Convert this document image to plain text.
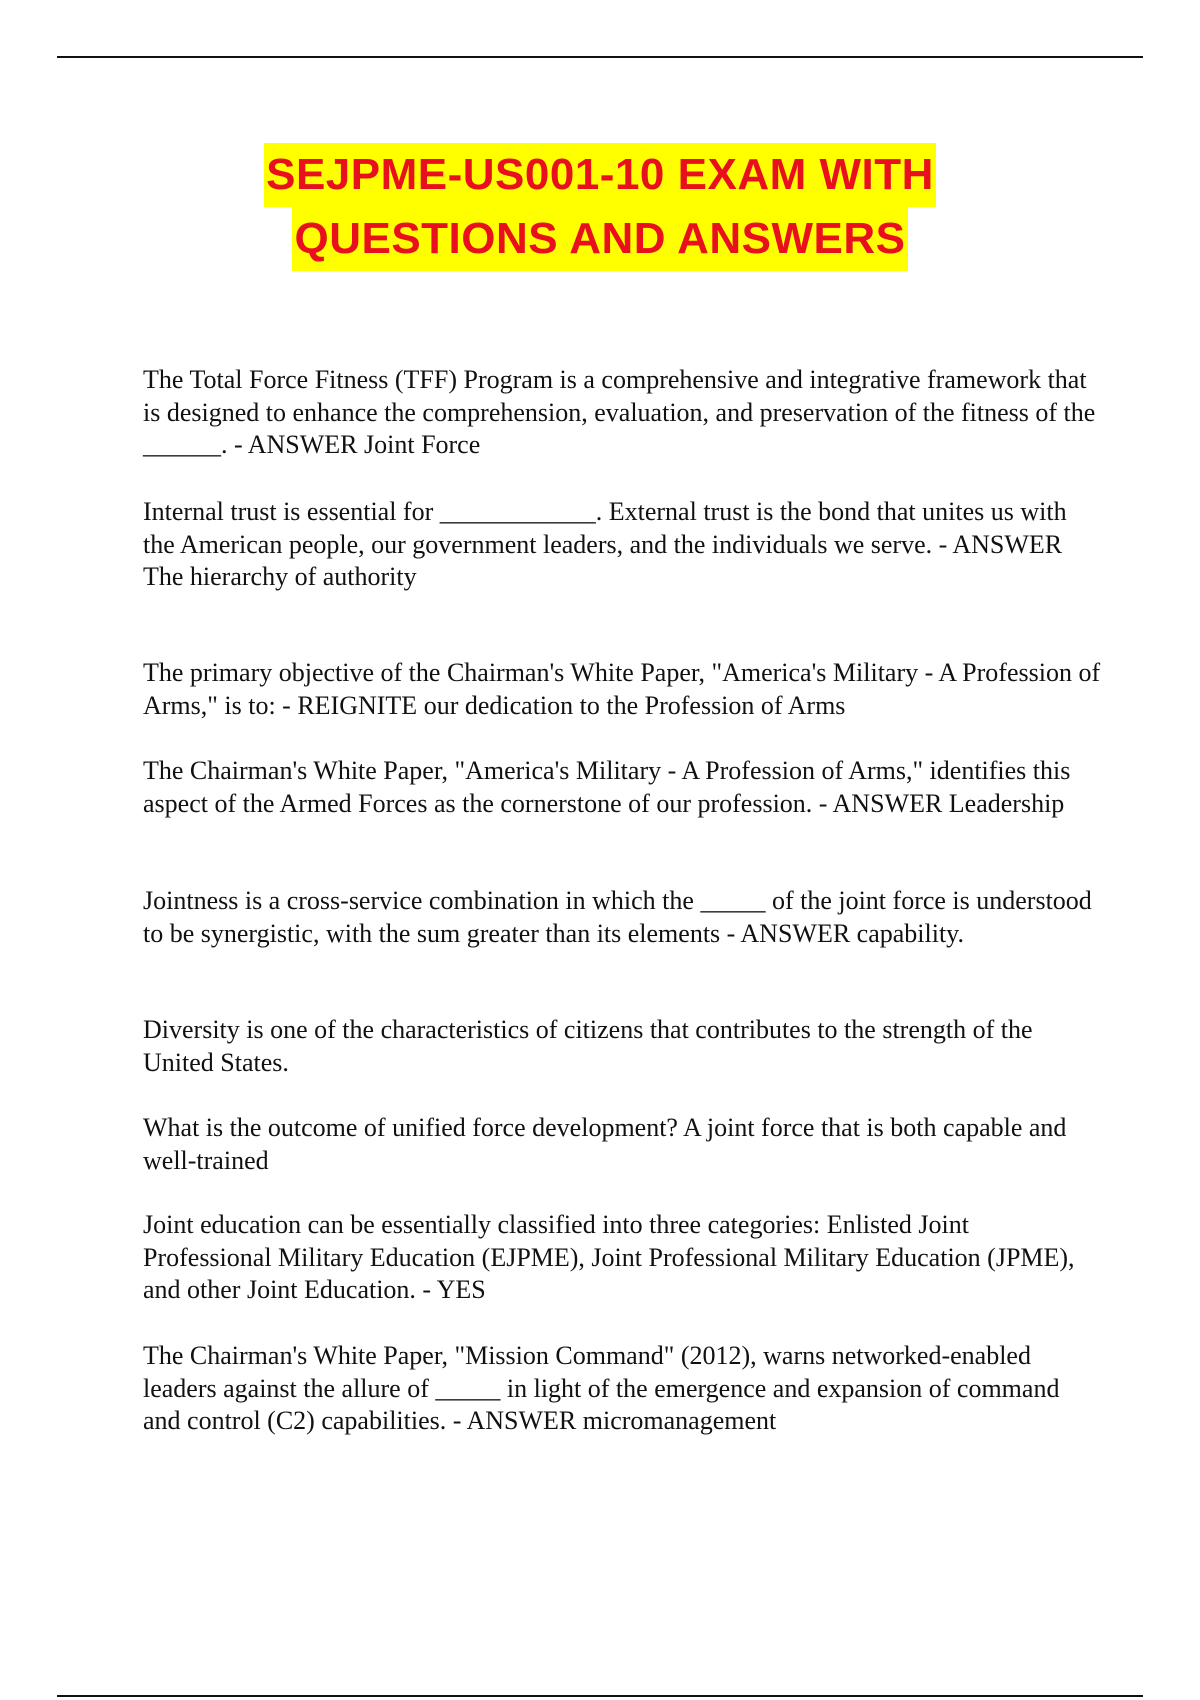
SEJPME-US001-10 EXAM WITH
QUESTIONS AND ANSWERS

The Total Force Fitness (TFF) Program is a comprehensive and integrative framework that is designed to enhance the comprehension, evaluation, and preservation of the fitness of the ______. - ANSWER Joint Force

Internal trust is essential for ____________. External trust is the bond that unites us with the American people, our government leaders, and the individuals we serve. - ANSWER The hierarchy of authority

The primary objective of the Chairman's White Paper, "America's Military - A Profession of Arms," is to: - REIGNITE our dedication to the Profession of Arms

The Chairman's White Paper, "America's Military - A Profession of Arms," identifies this aspect of the Armed Forces as the cornerstone of our profession. - ANSWER Leadership

Jointness is a cross-service combination in which the _____ of the joint force is understood to be synergistic, with the sum greater than its elements - ANSWER capability.

Diversity is one of the characteristics of citizens that contributes to the strength of the United States.

What is the outcome of unified force development? A joint force that is both capable and well-trained

Joint education can be essentially classified into three categories: Enlisted Joint Professional Military Education (EJPME), Joint Professional Military Education (JPME), and other Joint Education. - YES

The Chairman's White Paper, "Mission Command" (2012), warns networked-enabled leaders against the allure of _____ in light of the emergence and expansion of command and control (C2) capabilities. - ANSWER micromanagement
